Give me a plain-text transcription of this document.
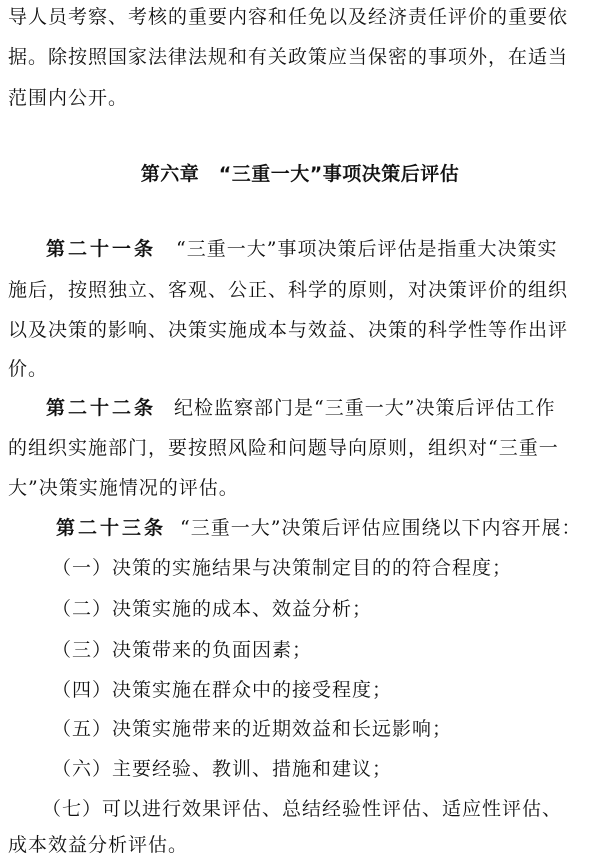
导人员考察、考核的重要内容和任免以及经济责任评价的重要依
据。除按照国家法律法规和有关政策应当保密的事项外，在适当
范围内公开。
第六章　“三重一大”事项决策后评估
第二十一条 “三重一大”事项决策后评估是指重大决策实
施后，按照独立、客观、公正、科学的原则，对决策评价的组织
以及决策的影响、决策实施成本与效益、决策的科学性等作出评
价。
第二十二条 纪检监察部门是“三重一大”决策后评估工作
的组织实施部门，要按照风险和问题导向原则，组织对“三重一
大”决策实施情况的评估。
第二十三条 “三重一大”决策后评估应围绕以下内容开展：
（一）决策的实施结果与决策制定目的的符合程度；
（二）决策实施的成本、效益分析；
（三）决策带来的负面因素；
（四）决策实施在群众中的接受程度；
（五）决策实施带来的近期效益和长远影响；
（六）主要经验、教训、措施和建议；
（七）可以进行效果评估、总结经验性评估、适应性评估、
成本效益分析评估。
